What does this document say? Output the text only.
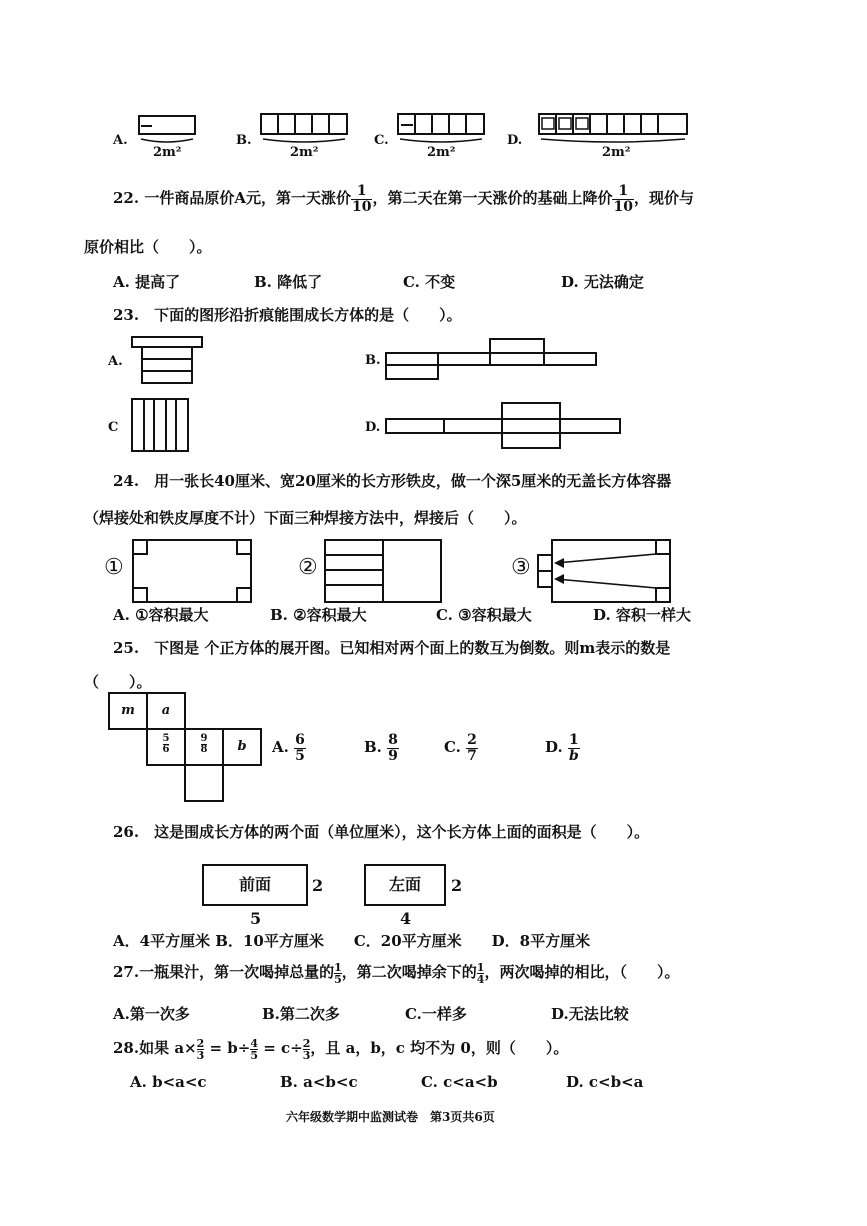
A.
2m²
B.
2m²
C.
2m²
D.
2m²
22. 一件商品原价A元，第一天涨价 $\frac{1}{10}$ ，第二天在第一天涨价的基础上降价 $\frac{1}{10}$ ，现价与
原价相比（　　）。
A. 提高了	B. 降低了	C. 不变	D. 无法确定
23.　下面的图形沿折痕能围成长方体的是（　　）。
A.	B.
C	D.
24.　用一张长40厘米、宽20厘米的长方形铁皮，做一个深5厘米的无盖长方体容器
（焊接处和铁皮厚度不计）下面三种焊接方法中，焊接后（　　）。
①	②	③
A. ①容积最大	B. ②容积最大	C. ③容积最大	D. 容积一样大
25.　下图是 个正方体的展开图。已知相对两个面上的数互为倒数。则m表示的数是
（　　）。
m	a
$\frac{5}{6}$	$\frac{9}{8}$	b	A. $\frac{6}{5}$	B. $\frac{8}{9}$	C. $\frac{2}{7}$	D. $\frac{1}{b}$
26.　这是围成长方体的两个面（单位厘米），这个长方体上面的面积是（　　）。
前面	2
5
左面	2
4
A．4平方厘米 B．10平方厘米　　C．20平方厘米　　D．8平方厘米
27.一瓶果汁，第一次喝掉总量的 $\frac{1}{5}$ ，第二次喝掉余下的 $\frac{1}{4}$ ，两次喝掉的相比，（　　）。
A.第一次多	B.第二次多	C.一样多	D.无法比较
28.如果 $a\times \frac{2}{3} = b\div \frac{4}{5} = c\div \frac{2}{3}$ ，且 a，b，c 均不为 0，则（　　）。
A. b<a<c	B. a<b<c	C. c<a<b	D. c<b<a
六年级数学期中监测试卷　第3页共6页
